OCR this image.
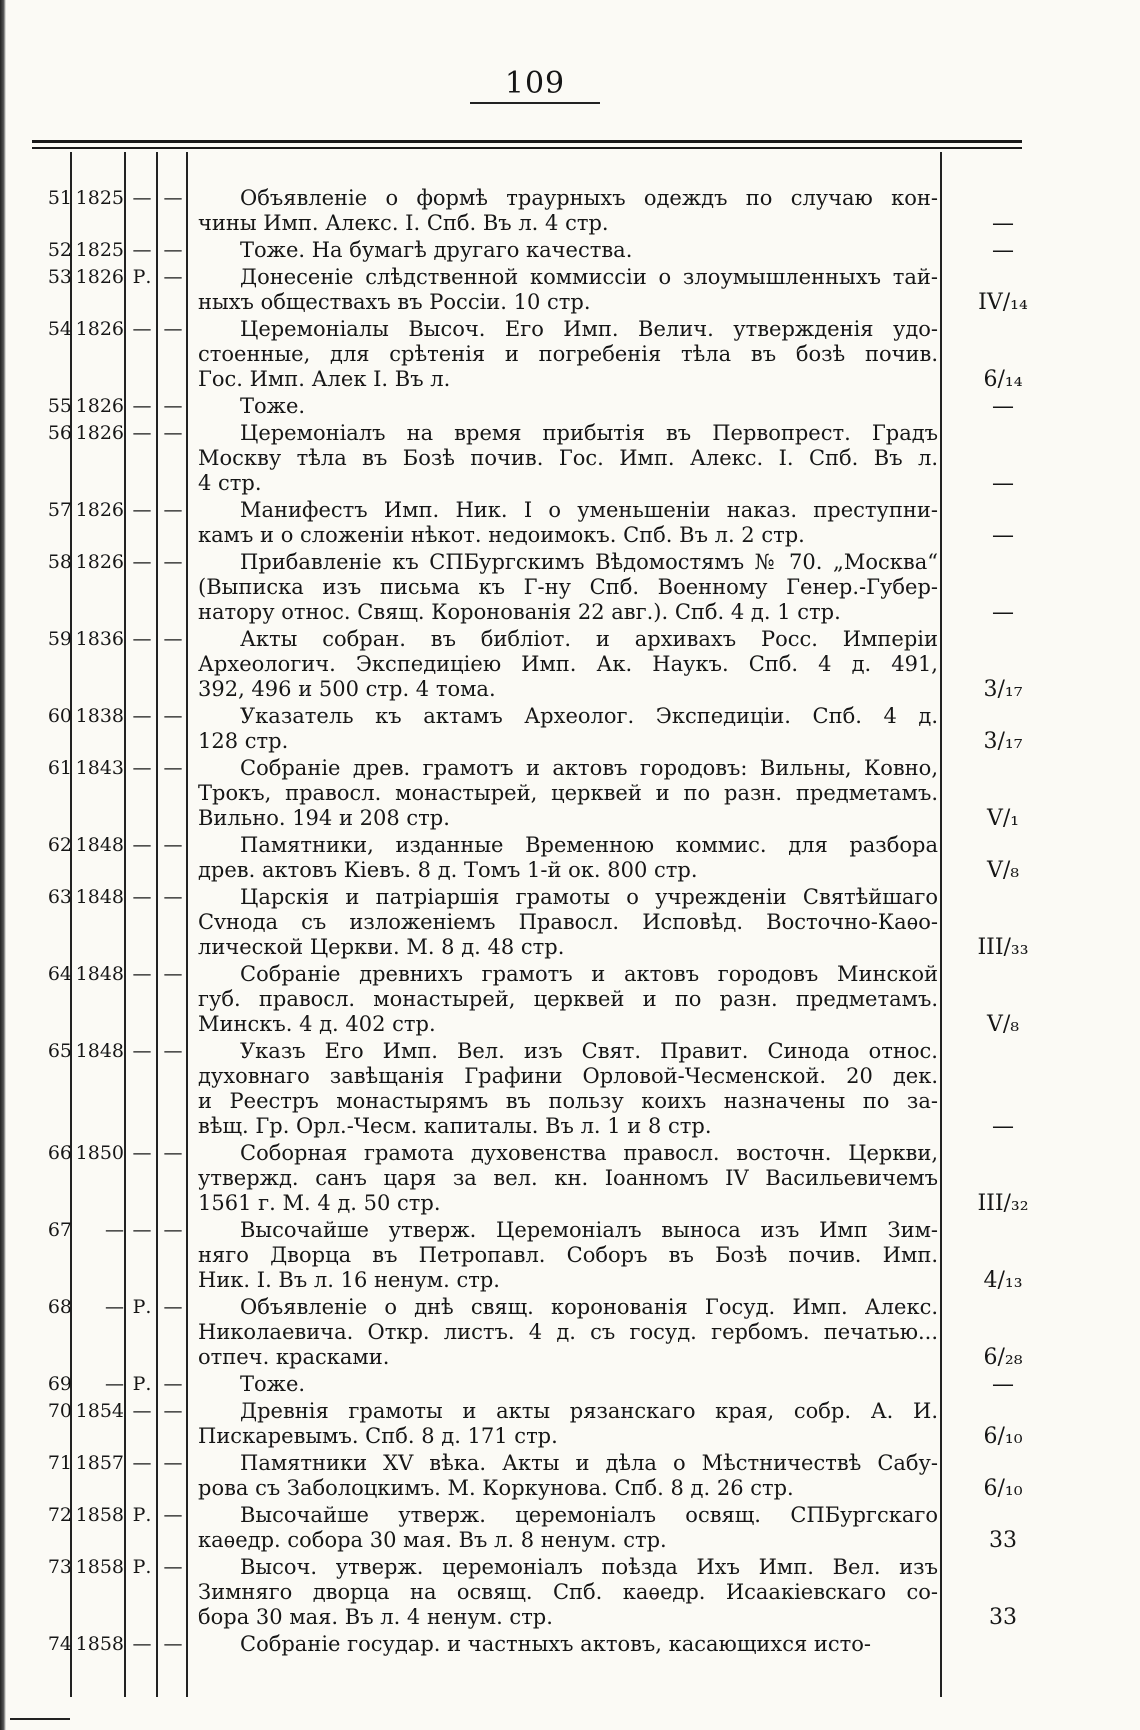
109
51 1825 — —	Объявленіе о формѣ траурныхъ одеждъ по случаю кон-
чины Имп. Алекс. I. Спб. Въ л. 4 стр.	—
52 1825 — —	Тоже. На бумагѣ другаго качества.	—
53 1826 Р. —	Донесеніе слѣдственной коммиссіи о злоумышленныхъ тай-
ныхъ обществахъ въ Россіи. 10 стр.	IV/₁₄
54 1826 — —	Церемоніалы Высоч. Его Имп. Велич. утвержденія удо-
стоенные, для срѣтенія и погребенія тѣла въ бозѣ почив.
Гос. Имп. Алек I. Въ л.	6/₁₄
55 1826 — —	Тоже.	—
56 1826 — —	Церемоніалъ на время прибытія въ Первопрест. Градъ
Москву тѣла въ Бозѣ почив. Гос. Имп. Алекс. I. Спб. Въ л.
4 стр.	—
57 1826 — —	Манифестъ Имп. Ник. I о уменьшеніи наказ. преступни-
камъ и о сложеніи нѣкот. недоимокъ. Спб. Въ л. 2 стр.	—
58 1826 — —	Прибавленіе къ СПБургскимъ Вѣдомостямъ № 70. „Москва“
(Выписка изъ письма къ Г-ну Спб. Военному Генер.-Губер-
натору относ. Свящ. Коронованія 22 авг.). Спб. 4 д. 1 стр.	—
59 1836 — —	Акты собран. въ библіот. и архивахъ Росс. Имперіи
Археологич. Экспедиціею Имп. Ак. Наукъ. Спб. 4 д. 491,
392, 496 и 500 стр. 4 тома.	3/₁₇
60 1838 — —	Указатель къ актамъ Археолог. Экспедиціи. Спб. 4 д.
128 стр.	3/₁₇
61 1843 — —	Собраніе древ. грамотъ и актовъ городовъ: Вильны, Ковно,
Трокъ, правосл. монастырей, церквей и по разн. предметамъ.
Вильно. 194 и 208 стр.	V/₁
62 1848 — —	Памятники, изданные Временною коммис. для разбора
древ. актовъ Кіевъ. 8 д. Томъ 1-й ок. 800 стр.	V/₈
63 1848 — —	Царскія и патріаршія грамоты о учрежденіи Святѣйшаго
Сvнода съ изложеніемъ Правосл. Исповѣд. Восточно-Каѳо-
лической Церкви. М. 8 д. 48 стр.	III/₃₃
64 1848 — —	Собраніе древнихъ грамотъ и актовъ городовъ Минской
губ. правосл. монастырей, церквей и по разн. предметамъ.
Минскъ. 4 д. 402 стр.	V/₈
65 1848 — —	Указъ Его Имп. Вел. изъ Свят. Правит. Синода относ.
духовнаго завѣщанія Графини Орловой-Чесменской. 20 дек.
и Реестръ монастырямъ въ пользу коихъ назначены по за-
вѣщ. Гр. Орл.-Чесм. капиталы. Въ л. 1 и 8 стр.	—
66 1850 — —	Соборная грамота духовенства правосл. восточн. Церкви,
утвержд. санъ царя за вел. кн. Іоанномъ IV Васильевичемъ
1561 г. М. 4 д. 50 стр.	III/₃₂
67	— — —	Высочайше утверж. Церемоніалъ выноса изъ Имп Зим-
няго Дворца въ Петропавл. Соборъ въ Бозѣ почив. Имп.
Ник. I. Въ л. 16 ненум. стр.	4/₁₃
68	— Р. —	Объявленіе о днѣ свящ. коронованія Госуд. Имп. Алекс.
Николаевича. Откр. листъ. 4 д. съ госуд. гербомъ. печатью...
отпеч. красками.	6/₂₈
69	— Р. —	Тоже.	—
70 1854 — —	Древнія грамоты и акты рязанскаго края, собр. А. И.
Пискаревымъ. Спб. 8 д. 171 стр.	6/₁₀
71 1857 — —	Памятники XV вѣка. Акты и дѣла о Мѣстничествѣ Сабу-
рова съ Заболоцкимъ. М. Коркунова. Спб. 8 д. 26 стр.	6/₁₀
72 1858 Р. —	Высочайше утверж. церемоніалъ освящ. СПБургскаго
каѳедр. собора 30 мая. Въ л. 8 ненум. стр.	33
73 1858 Р. —	Высоч. утверж. церемоніалъ поѣзда Ихъ Имп. Вел. изъ
Зимняго дворца на освящ. Спб. каѳедр. Исаакіевскаго со-
бора 30 мая. Въ л. 4 ненум. стр.	33
74 1858 — —	Собраніе государ. и частныхъ актовъ, касающихся исто-
